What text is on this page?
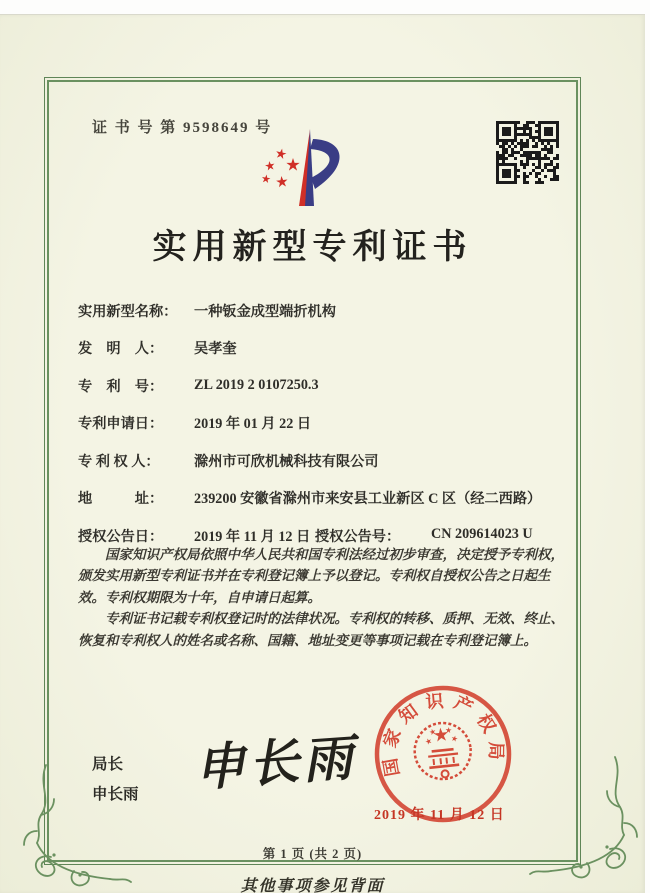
证 书 号 第 9598649 号
实用新型专利证书
实用新型名称：	一种钣金成型端折机构
发　明　人：	吴孝奎
专　利　号：	ZL 2019 2 0107250.3
专利申请日：	2019 年 01 月 22 日
专 利 权 人：	滁州市可欣机械科技有限公司
地　　　址：	239200 安徽省滁州市来安县工业新区 C 区（经二西路）
授权公告日：	2019 年 11 月 12 日 授权公告号：	CN 209614023 U

国家知识产权局依照中华人民共和国专利法经过初步审查，决定授予专利权，颁发实用新型专利证书并在专利登记簿上予以登记。专利权自授权公告之日起生效。专利权期限为十年，自申请日起算。

专利证书记载专利权登记时的法律状况。专利权的转移、质押、无效、终止、恢复和专利权人的姓名或名称、国籍、地址变更等事项记载在专利登记簿上。

局长
申长雨	申长雨	国家知识产权局
2019 年 11 月 12 日
第 1 页 (共 2 页)
其他事项参见背面
